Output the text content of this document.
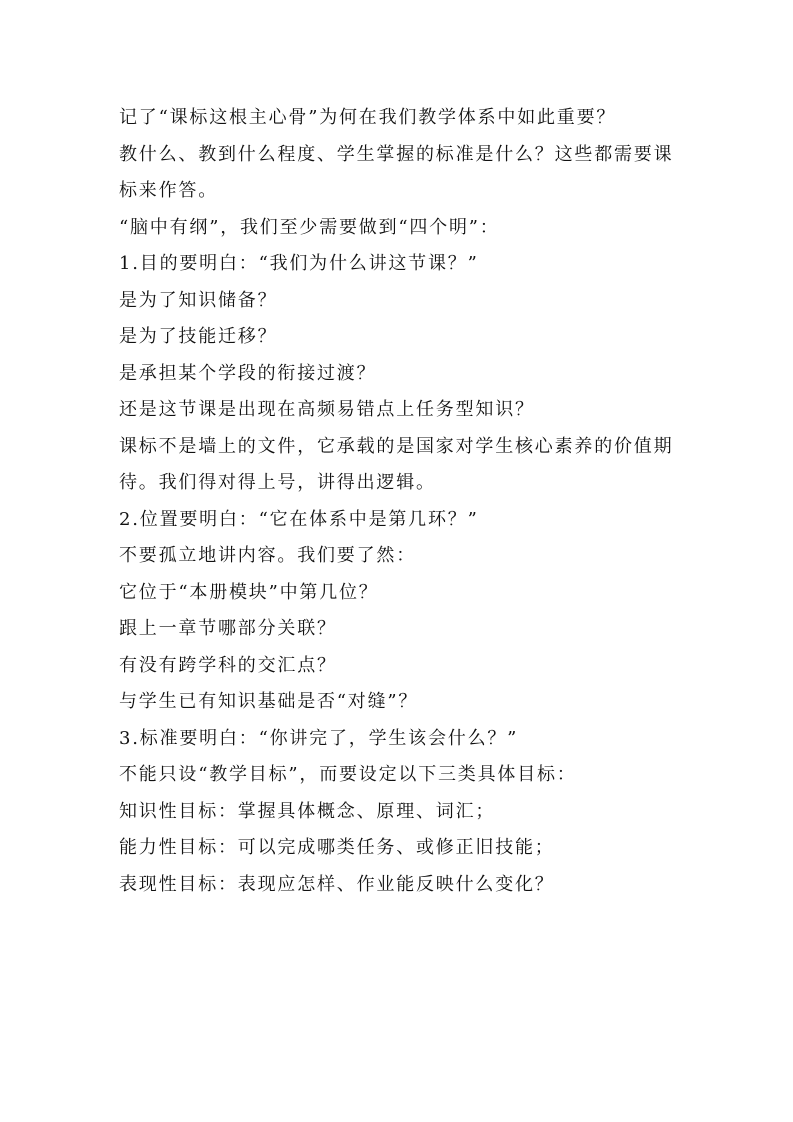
记了“课标这根主心骨”为何在我们教学体系中如此重要？
教什么、教到什么程度、学生掌握的标准是什么？这些都需要课
标来作答。
“脑中有纲”，我们至少需要做到“四个明”：
1.目的要明白：“我们为什么讲这节课？”
是为了知识储备？
是为了技能迁移？
是承担某个学段的衔接过渡？
还是这节课是出现在高频易错点上任务型知识？
课标不是墙上的文件，它承载的是国家对学生核心素养的价值期
待。我们得对得上号，讲得出逻辑。
2.位置要明白：“它在体系中是第几环？”
不要孤立地讲内容。我们要了然：
它位于“本册模块”中第几位？
跟上一章节哪部分关联？
有没有跨学科的交汇点？
与学生已有知识基础是否“对缝”？
3.标准要明白：“你讲完了，学生该会什么？”
不能只设“教学目标”，而要设定以下三类具体目标：
知识性目标：掌握具体概念、原理、词汇；
能力性目标：可以完成哪类任务、或修正旧技能；
表现性目标：表现应怎样、作业能反映什么变化？
